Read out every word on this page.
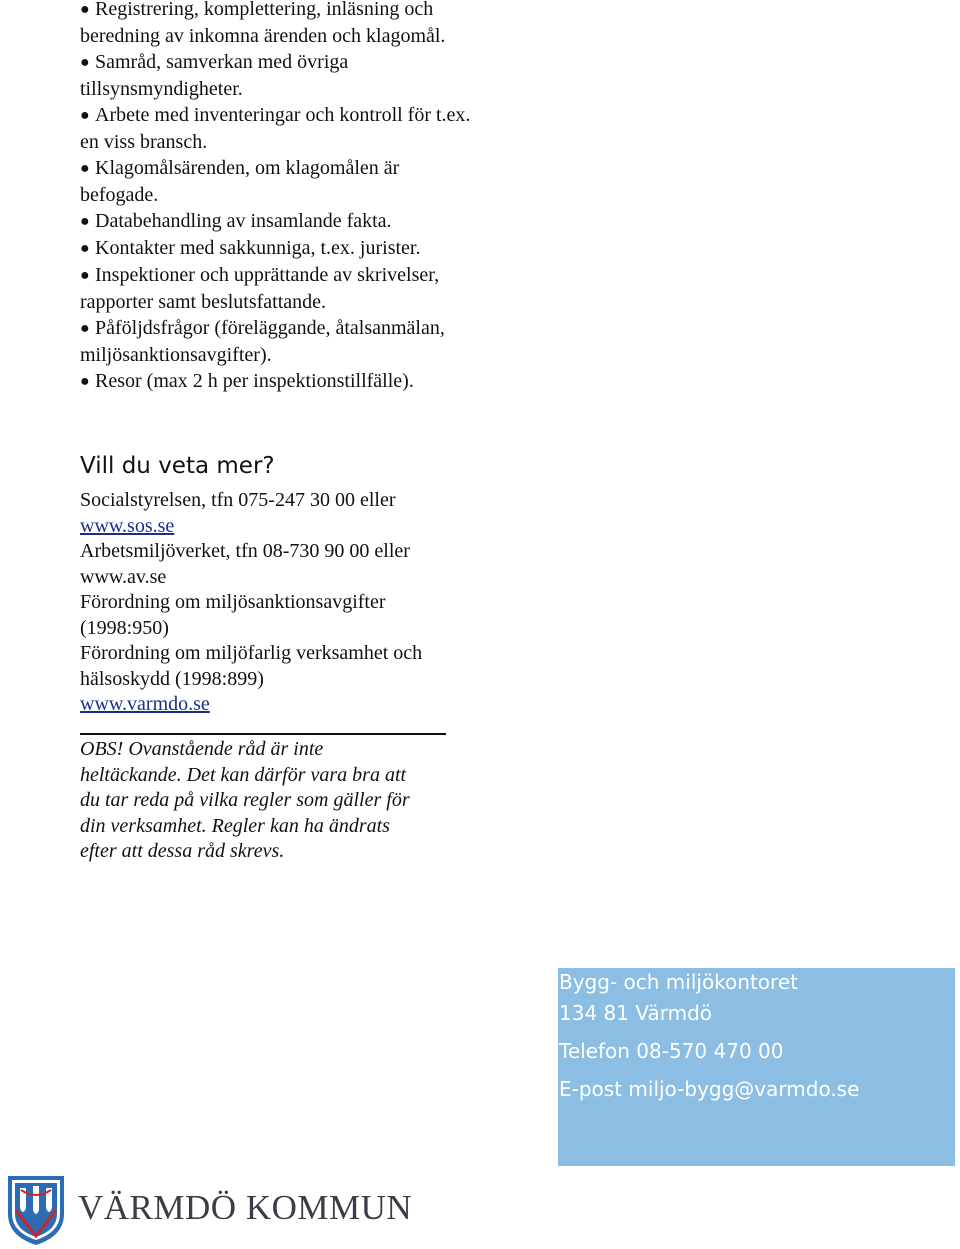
● Registrering, komplettering, inläsning och beredning av inkomna ärenden och klagomål.
● Samråd, samverkan med övriga tillsynsmyndigheter.
● Arbete med inventeringar och kontroll för t.ex. en viss bransch.
● Klagomålsärenden, om klagomålen är befogade.
● Databehandling av insamlande fakta.
● Kontakter med sakkunniga, t.ex. jurister.
● Inspektioner och upprättande av skrivelser, rapporter samt beslutsfattande.
● Påföljdsfrågor (föreläggande, åtalsanmälan, miljösanktionsavgifter).
● Resor (max 2 h per inspektionstillfälle).
Vill du veta mer?
Socialstyrelsen, tfn 075-247 30 00 eller
www.sos.se
Arbetsmiljöverket, tfn 08-730 90 00 eller
www.av.se
Förordning om miljösanktionsavgifter (1998:950)
Förordning om miljöfarlig verksamhet och hälsoskydd (1998:899)
www.varmdo.se
OBS! Ovanstående råd är inte
heltäckande. Det kan därför vara bra att
du tar reda på vilka regler som gäller för
din verksamhet. Regler kan ha ändrats
efter att dessa råd skrevs.
Bygg- och miljökontoret
134 81 Värmdö
Telefon 08-570 470 00
E-post miljo-bygg@varmdo.se
VÄRMDÖ KOMMUN
